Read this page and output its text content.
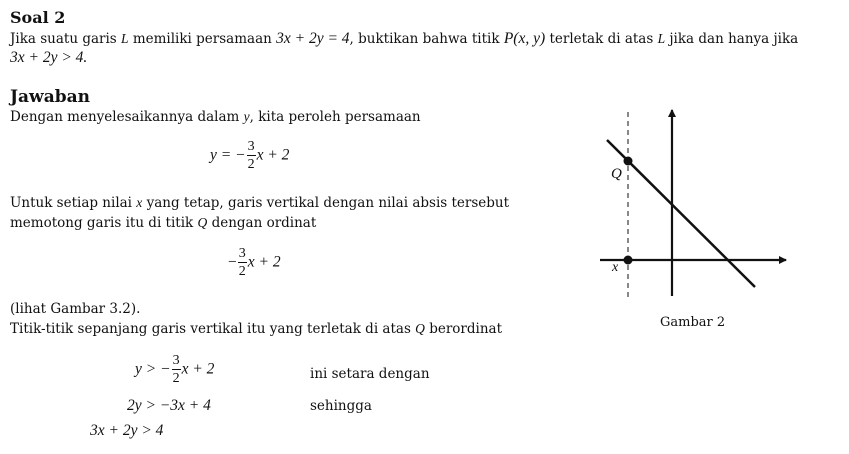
Soal 2
Jika suatu garis L memiliki persamaan 3x + 2y = 4, buktikan bahwa titik P(x, y) terletak di atas L jika dan hanya jika
3x + 2y > 4.
Jawaban
Dengan menyelesaikannya dalam y, kita peroleh persamaan
y = − $\frac{3}{2}$ x + 2
Untuk setiap nilai x yang tetap, garis vertikal dengan nilai absis tersebut
memotong garis itu di titik Q dengan ordinat
− $\frac{3}{2}$ x + 2
(lihat Gambar 3.2).
Titik-titik sepanjang garis vertikal itu yang terletak di atas Q berordinat
y > − $\frac{3}{2}$ x + 2	ini setara dengan
2y > −3x + 4	sehingga
3x + 2y > 4
Q
x
Gambar 2
